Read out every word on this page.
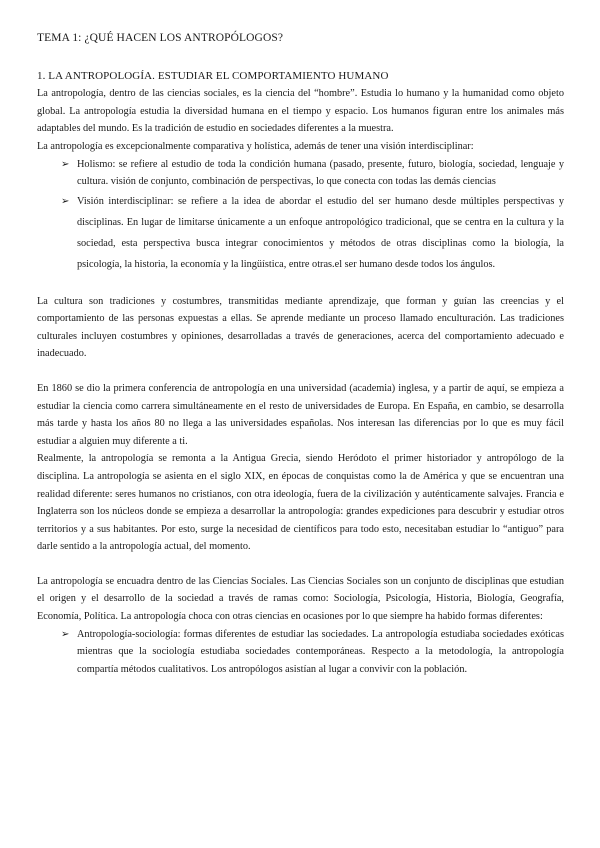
TEMA 1: ¿QUÉ HACEN LOS ANTROPÓLOGOS?
1. LA ANTROPOLOGÍA. ESTUDIAR EL COMPORTAMIENTO HUMANO

La antropología, dentro de las ciencias sociales, es la ciencia del “hombre”. Estudia lo humano y la humanidad como objeto global. La antropología estudia la diversidad humana en el tiempo y espacio. Los humanos figuran entre los animales más adaptables del mundo. Es la tradición de estudio en sociedades diferentes a la muestra.

La antropología es excepcionalmente comparativa y holística, además de tener una visión interdisciplinar:

➢ Holismo: se refiere al estudio de toda la condición humana (pasado, presente, futuro, biología, sociedad, lenguaje y cultura. visión de conjunto, combinación de perspectivas, lo que conecta con todas las demás ciencias
➢ Visión interdisciplinar: se refiere a la idea de abordar el estudio del ser humano desde múltiples perspectivas y disciplinas. En lugar de limitarse únicamente a un enfoque antropológico tradicional, que se centra en la cultura y la sociedad, esta perspectiva busca integrar conocimientos y métodos de otras disciplinas como la biología, la psicología, la historia, la economía y la lingüística, entre otras.el ser humano desde todos los ángulos.

La cultura son tradiciones y costumbres, transmitidas mediante aprendizaje, que forman y guían las creencias y el comportamiento de las personas expuestas a ellas. Se aprende mediante un proceso llamado enculturación. Las tradiciones culturales incluyen costumbres y opiniones, desarrolladas a través de generaciones, acerca del comportamiento adecuado e inadecuado.

En 1860 se dio la primera conferencia de antropología en una universidad (academia) inglesa, y a partir de aquí, se empieza a estudiar la ciencia como carrera simultáneamente en el resto de universidades de Europa. En España, en cambio, se desarrolla más tarde y hasta los años 80 no llega a las universidades españolas. Nos interesan las diferencias por lo que es muy fácil estudiar a alguien muy diferente a ti.

Realmente, la antropología se remonta a la Antigua Grecia, siendo Heródoto el primer historiador y antropólogo de la disciplina. La antropología se asienta en el siglo XIX, en épocas de conquistas como la de América y que se encuentran una realidad diferente: seres humanos no cristianos, con otra ideología, fuera de la civilización y auténticamente salvajes. Francia e Inglaterra son los núcleos donde se empieza a desarrollar la antropología: grandes expediciones para descubrir y estudiar otros territorios y a sus habitantes. Por esto, surge la necesidad de científicos para todo esto, necesitaban estudiar lo “antiguo” para darle sentido a la antropología actual, del momento.

La antropología se encuadra dentro de las Ciencias Sociales. Las Ciencias Sociales son un conjunto de disciplinas que estudian el origen y el desarrollo de la sociedad a través de ramas como: Sociología, Psicología, Historia, Biología, Geografía, Economía, Política. La antropología choca con otras ciencias en ocasiones por lo que siempre ha habido formas diferentes:

➢ Antropología-sociología: formas diferentes de estudiar las sociedades. La antropología estudiaba sociedades exóticas mientras que la sociología estudiaba sociedades contemporáneas. Respecto a la metodología, la antropología compartía métodos cualitativos. Los antropólogos asistían al lugar a convivir con la población.
